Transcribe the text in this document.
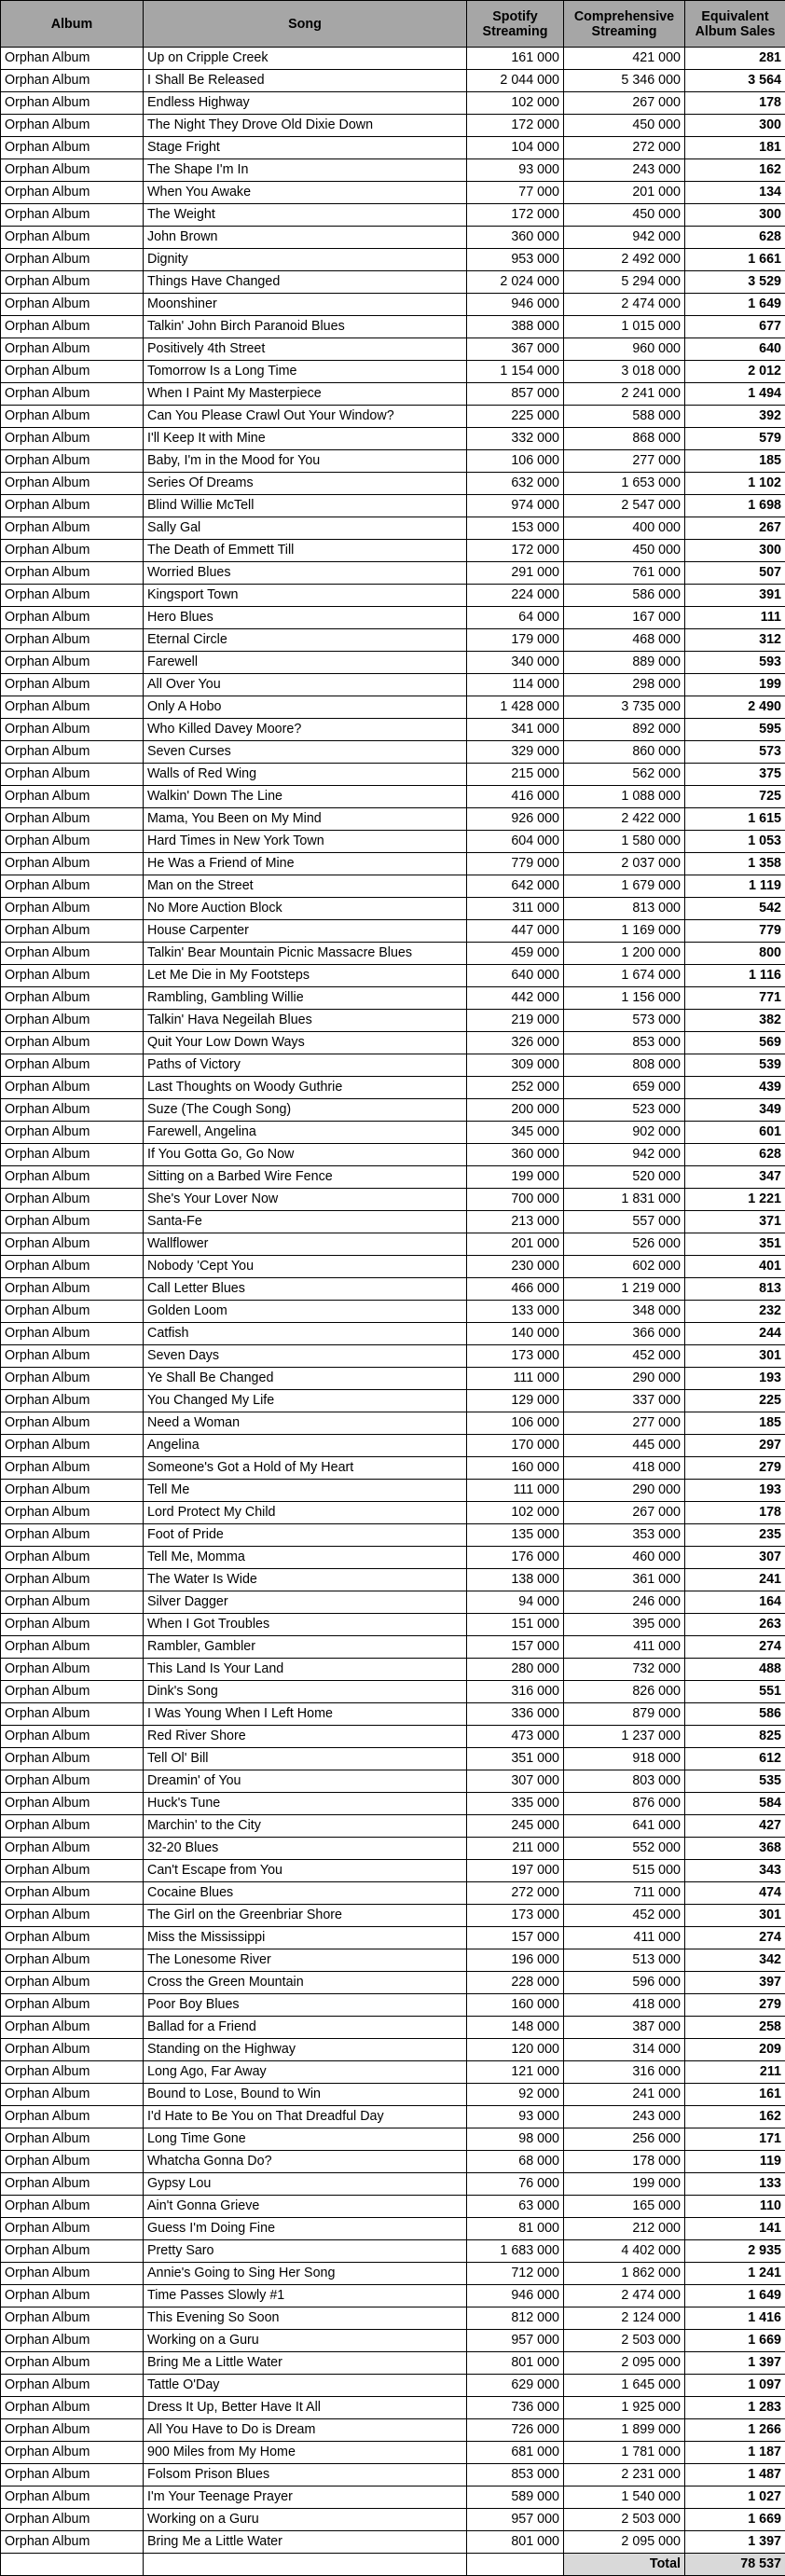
Album	Song	Spotify Streaming	Comprehensive Streaming	Equivalent Album Sales
Orphan Album	Up on Cripple Creek	161 000	421 000	281
Orphan Album	I Shall Be Released	2 044 000	5 346 000	3 564
Orphan Album	Endless Highway	102 000	267 000	178
Orphan Album	The Night They Drove Old Dixie Down	172 000	450 000	300
Orphan Album	Stage Fright	104 000	272 000	181
Orphan Album	The Shape I'm In	93 000	243 000	162
Orphan Album	When You Awake	77 000	201 000	134
Orphan Album	The Weight	172 000	450 000	300
Orphan Album	John Brown	360 000	942 000	628
Orphan Album	Dignity	953 000	2 492 000	1 661
Orphan Album	Things Have Changed	2 024 000	5 294 000	3 529
Orphan Album	Moonshiner	946 000	2 474 000	1 649
Orphan Album	Talkin' John Birch Paranoid Blues	388 000	1 015 000	677
Orphan Album	Positively 4th Street	367 000	960 000	640
Orphan Album	Tomorrow Is a Long Time	1 154 000	3 018 000	2 012
Orphan Album	When I Paint My Masterpiece	857 000	2 241 000	1 494
Orphan Album	Can You Please Crawl Out Your Window?	225 000	588 000	392
Orphan Album	I'll Keep It with Mine	332 000	868 000	579
Orphan Album	Baby, I'm in the Mood for You	106 000	277 000	185
Orphan Album	Series Of Dreams	632 000	1 653 000	1 102
Orphan Album	Blind Willie McTell	974 000	2 547 000	1 698
Orphan Album	Sally Gal	153 000	400 000	267
Orphan Album	The Death of Emmett Till	172 000	450 000	300
Orphan Album	Worried Blues	291 000	761 000	507
Orphan Album	Kingsport Town	224 000	586 000	391
Orphan Album	Hero Blues	64 000	167 000	111
Orphan Album	Eternal Circle	179 000	468 000	312
Orphan Album	Farewell	340 000	889 000	593
Orphan Album	All Over You	114 000	298 000	199
Orphan Album	Only A Hobo	1 428 000	3 735 000	2 490
Orphan Album	Who Killed Davey Moore?	341 000	892 000	595
Orphan Album	Seven Curses	329 000	860 000	573
Orphan Album	Walls of Red Wing	215 000	562 000	375
Orphan Album	Walkin' Down The Line	416 000	1 088 000	725
Orphan Album	Mama, You Been on My Mind	926 000	2 422 000	1 615
Orphan Album	Hard Times in New York Town	604 000	1 580 000	1 053
Orphan Album	He Was a Friend of Mine	779 000	2 037 000	1 358
Orphan Album	Man on the Street	642 000	1 679 000	1 119
Orphan Album	No More Auction Block	311 000	813 000	542
Orphan Album	House Carpenter	447 000	1 169 000	779
Orphan Album	Talkin' Bear Mountain Picnic Massacre Blues	459 000	1 200 000	800
Orphan Album	Let Me Die in My Footsteps	640 000	1 674 000	1 116
Orphan Album	Rambling, Gambling Willie	442 000	1 156 000	771
Orphan Album	Talkin' Hava Negeilah Blues	219 000	573 000	382
Orphan Album	Quit Your Low Down Ways	326 000	853 000	569
Orphan Album	Paths of Victory	309 000	808 000	539
Orphan Album	Last Thoughts on Woody Guthrie	252 000	659 000	439
Orphan Album	Suze (The Cough Song)	200 000	523 000	349
Orphan Album	Farewell, Angelina	345 000	902 000	601
Orphan Album	If You Gotta Go, Go Now	360 000	942 000	628
Orphan Album	Sitting on a Barbed Wire Fence	199 000	520 000	347
Orphan Album	She's Your Lover Now	700 000	1 831 000	1 221
Orphan Album	Santa-Fe	213 000	557 000	371
Orphan Album	Wallflower	201 000	526 000	351
Orphan Album	Nobody 'Cept You	230 000	602 000	401
Orphan Album	Call Letter Blues	466 000	1 219 000	813
Orphan Album	Golden Loom	133 000	348 000	232
Orphan Album	Catfish	140 000	366 000	244
Orphan Album	Seven Days	173 000	452 000	301
Orphan Album	Ye Shall Be Changed	111 000	290 000	193
Orphan Album	You Changed My Life	129 000	337 000	225
Orphan Album	Need a Woman	106 000	277 000	185
Orphan Album	Angelina	170 000	445 000	297
Orphan Album	Someone's Got a Hold of My Heart	160 000	418 000	279
Orphan Album	Tell Me	111 000	290 000	193
Orphan Album	Lord Protect My Child	102 000	267 000	178
Orphan Album	Foot of Pride	135 000	353 000	235
Orphan Album	Tell Me, Momma	176 000	460 000	307
Orphan Album	The Water Is Wide	138 000	361 000	241
Orphan Album	Silver Dagger	94 000	246 000	164
Orphan Album	When I Got Troubles	151 000	395 000	263
Orphan Album	Rambler, Gambler	157 000	411 000	274
Orphan Album	This Land Is Your Land	280 000	732 000	488
Orphan Album	Dink's Song	316 000	826 000	551
Orphan Album	I Was Young When I Left Home	336 000	879 000	586
Orphan Album	Red River Shore	473 000	1 237 000	825
Orphan Album	Tell Ol' Bill	351 000	918 000	612
Orphan Album	Dreamin' of You	307 000	803 000	535
Orphan Album	Huck's Tune	335 000	876 000	584
Orphan Album	Marchin' to the City	245 000	641 000	427
Orphan Album	32-20 Blues	211 000	552 000	368
Orphan Album	Can't Escape from You	197 000	515 000	343
Orphan Album	Cocaine Blues	272 000	711 000	474
Orphan Album	The Girl on the Greenbriar Shore	173 000	452 000	301
Orphan Album	Miss the Mississippi	157 000	411 000	274
Orphan Album	The Lonesome River	196 000	513 000	342
Orphan Album	Cross the Green Mountain	228 000	596 000	397
Orphan Album	Poor Boy Blues	160 000	418 000	279
Orphan Album	Ballad for a Friend	148 000	387 000	258
Orphan Album	Standing on the Highway	120 000	314 000	209
Orphan Album	Long Ago, Far Away	121 000	316 000	211
Orphan Album	Bound to Lose, Bound to Win	92 000	241 000	161
Orphan Album	I'd Hate to Be You on That Dreadful Day	93 000	243 000	162
Orphan Album	Long Time Gone	98 000	256 000	171
Orphan Album	Whatcha Gonna Do?	68 000	178 000	119
Orphan Album	Gypsy Lou	76 000	199 000	133
Orphan Album	Ain't Gonna Grieve	63 000	165 000	110
Orphan Album	Guess I'm Doing Fine	81 000	212 000	141
Orphan Album	Pretty Saro	1 683 000	4 402 000	2 935
Orphan Album	Annie's Going to Sing Her Song	712 000	1 862 000	1 241
Orphan Album	Time Passes Slowly #1	946 000	2 474 000	1 649
Orphan Album	This Evening So Soon	812 000	2 124 000	1 416
Orphan Album	Working on a Guru	957 000	2 503 000	1 669
Orphan Album	Bring Me a Little Water	801 000	2 095 000	1 397
Orphan Album	Tattle O'Day	629 000	1 645 000	1 097
Orphan Album	Dress It Up, Better Have It All	736 000	1 925 000	1 283
Orphan Album	All You Have to Do is Dream	726 000	1 899 000	1 266
Orphan Album	900 Miles from My Home	681 000	1 781 000	1 187
Orphan Album	Folsom Prison Blues	853 000	2 231 000	1 487
Orphan Album	I'm Your Teenage Prayer	589 000	1 540 000	1 027
Orphan Album	Working on a Guru	957 000	2 503 000	1 669
Orphan Album	Bring Me a Little Water	801 000	2 095 000	1 397
			Total	78 537
